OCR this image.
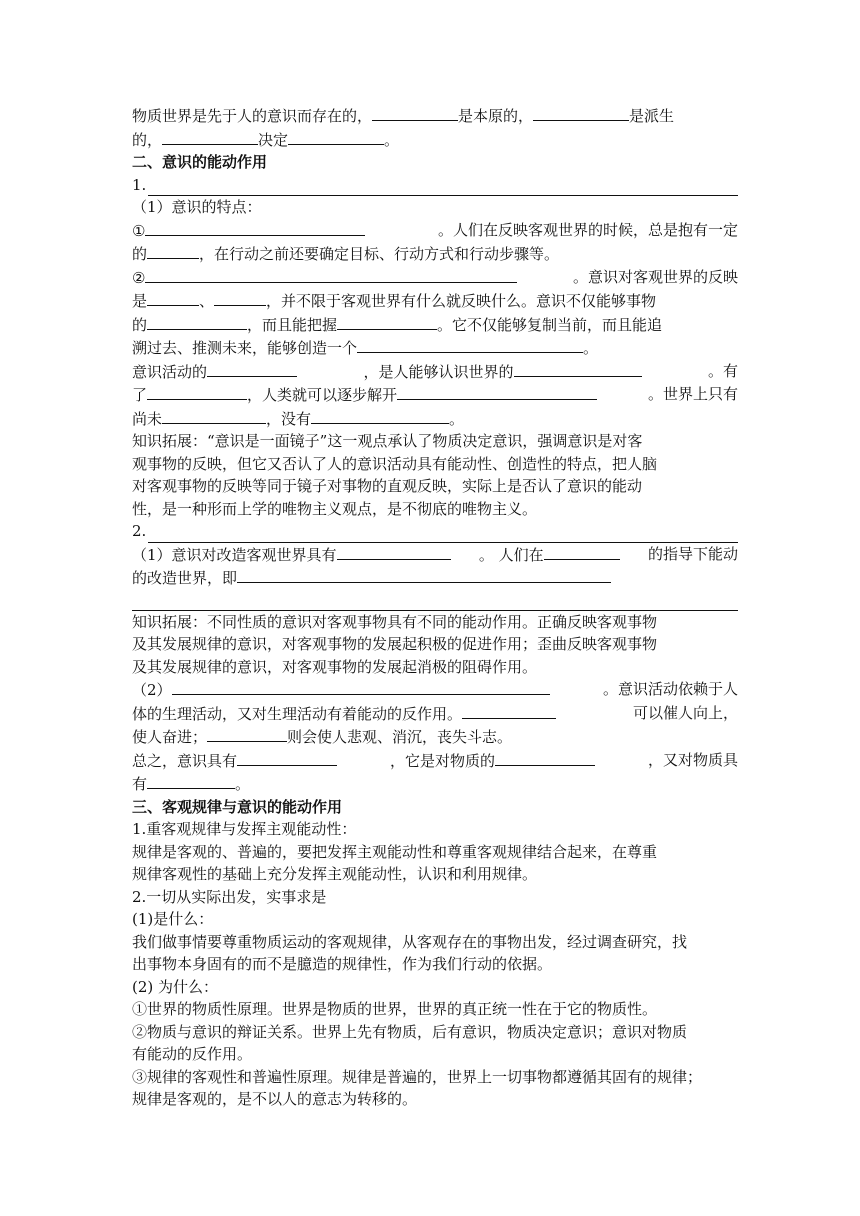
物质世界是先于人的意识而存在的，	是本原的，	是派生
的，	决定	。
二、意识的能动作用
1.
（1）意识的特点：
①	。人们在反映客观世界的时候，总是抱有一定
的	，在行动之前还要确定目标、行动方式和行动步骤等。
②	。意识对客观世界的反映
是	、	，并不限于客观世界有什么就反映什么。意识不仅能够事物
的	，而且能把握	。它不仅能够复制当前，而且能追
溯过去、推测未来，能够创造一个	。
意识活动的	，是人能够认识世界的	。有
了	，人类就可以逐步解开	。世界上只有
尚未	，没有	。
知识拓展：“意识是一面镜子”这一观点承认了物质决定意识，强调意识是对客
观事物的反映，但它又否认了人的意识活动具有能动性、创造性的特点，把人脑
对客观事物的反映等同于镜子对事物的直观反映，实际上是否认了意识的能动
性，是一种形而上学的唯物主义观点，是不彻底的唯物主义。
2.
（1）意识对改造客观世界具有	。 人们在	的指导下能动
的改造世界，即
知识拓展：不同性质的意识对客观事物具有不同的能动作用。正确反映客观事物
及其发展规律的意识，对客观事物的发展起积极的促进作用；歪曲反映客观事物
及其发展规律的意识，对客观事物的发展起消极的阻碍作用。
（2）	。意识活动依赖于人
体的生理活动，又对生理活动有着能动的反作用。	可以催人向上，
使人奋进；	则会使人悲观、消沉，丧失斗志。
总之，意识具有	，它是对物质的	，又对物质具
有	。
三、客观规律与意识的能动作用
1.重客观规律与发挥主观能动性：
规律是客观的、普遍的，要把发挥主观能动性和尊重客观规律结合起来，在尊重
规律客观性的基础上充分发挥主观能动性，认识和利用规律。
2.一切从实际出发，实事求是
(1)是什么：
我们做事情要尊重物质运动的客观规律，从客观存在的事物出发，经过调查研究，找
出事物本身固有的而不是臆造的规律性，作为我们行动的依据。
(2) 为什么：
①世界的物质性原理。世界是物质的世界，世界的真正统一性在于它的物质性。
②物质与意识的辩证关系。世界上先有物质，后有意识，物质决定意识；意识对物质
有能动的反作用。
③规律的客观性和普遍性原理。规律是普遍的，世界上一切事物都遵循其固有的规律；
规律是客观的，是不以人的意志为转移的。
